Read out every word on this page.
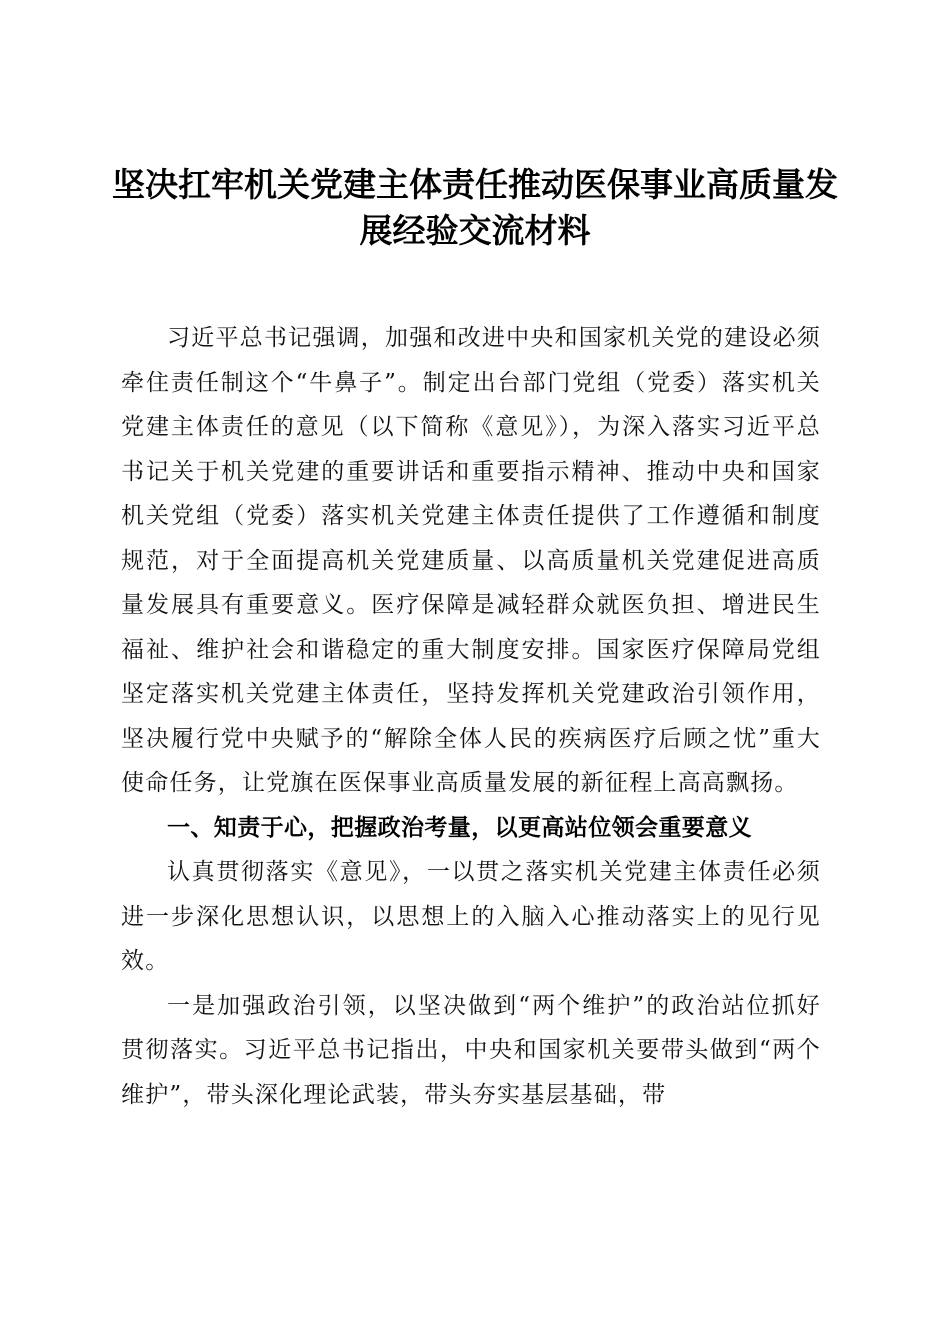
坚决扛牢机关党建主体责任推动医保事业高质量发展经验交流材料

习近平总书记强调，加强和改进中央和国家机关党的建设必须牵住责任制这个“牛鼻子”。制定出台部门党组（党委）落实机关党建主体责任的意见（以下简称《意见》），为深入落实习近平总书记关于机关党建的重要讲话和重要指示精神、推动中央和国家机关党组（党委）落实机关党建主体责任提供了工作遵循和制度规范，对于全面提高机关党建质量、以高质量机关党建促进高质量发展具有重要意义。医疗保障是减轻群众就医负担、增进民生福祉、维护社会和谐稳定的重大制度安排。国家医疗保障局党组坚定落实机关党建主体责任，坚持发挥机关党建政治引领作用，坚决履行党中央赋予的“解除全体人民的疾病医疗后顾之忧”重大使命任务，让党旗在医保事业高质量发展的新征程上高高飘扬。

一、知责于心，把握政治考量，以更高站位领会重要意义

认真贯彻落实《意见》，一以贯之落实机关党建主体责任必须进一步深化思想认识，以思想上的入脑入心推动落实上的见行见效。

一是加强政治引领，以坚决做到“两个维护”的政治站位抓好贯彻落实。习近平总书记指出，中央和国家机关要带头做到“两个维护”，带头深化理论武装，带头夯实基层基础，带
